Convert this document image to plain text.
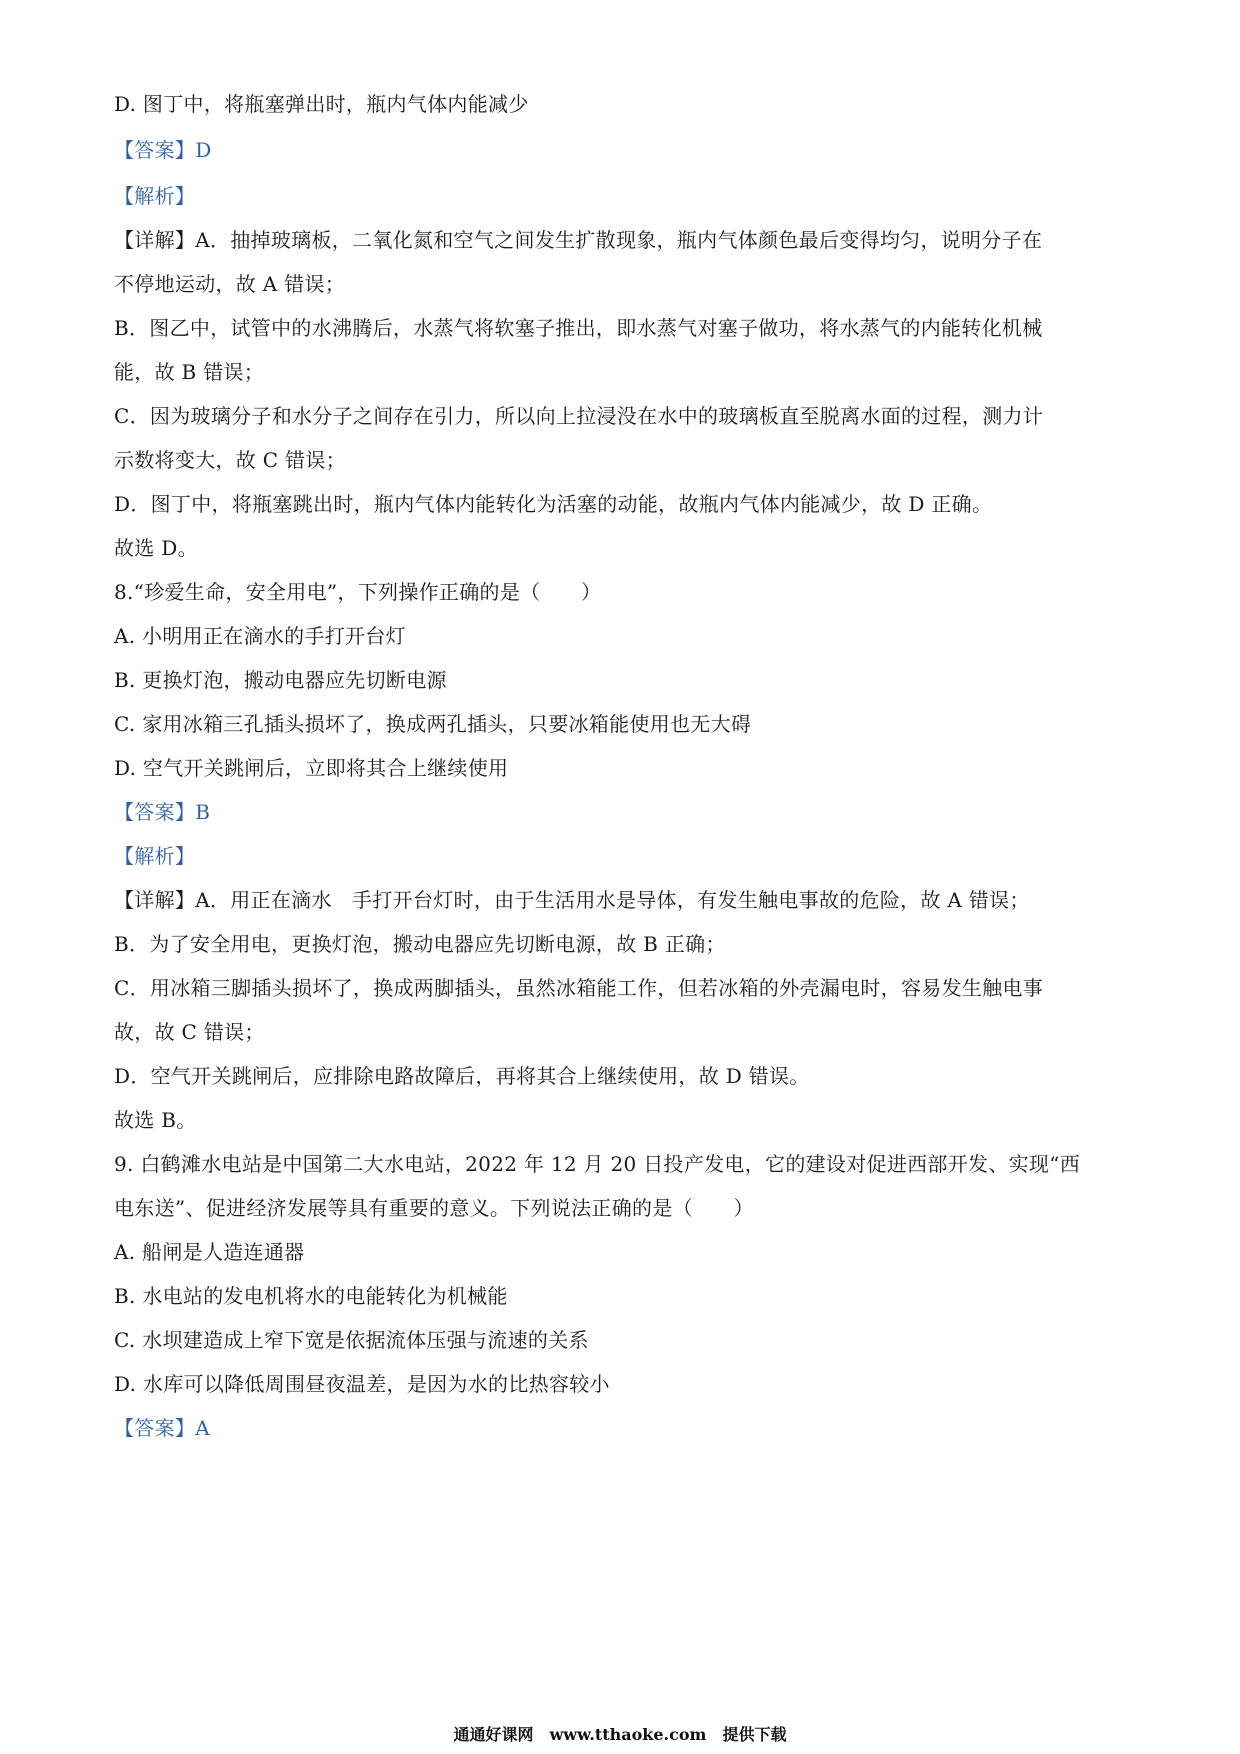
D. 图丁中，将瓶塞弹出时，瓶内气体内能减少
【答案】D
【解析】
【详解】A．抽掉玻璃板，二氧化氮和空气之间发生扩散现象，瓶内气体颜色最后变得均匀，说明分子在
不停地运动，故 A 错误；
B．图乙中，试管中的水沸腾后，水蒸气将软塞子推出，即水蒸气对塞子做功，将水蒸气的内能转化机械
能，故 B 错误；
C．因为玻璃分子和水分子之间存在引力，所以向上拉浸没在水中的玻璃板直至脱离水面的过程，测力计
示数将变大，故 C 错误；
D．图丁中，将瓶塞跳出时，瓶内气体内能转化为活塞的动能，故瓶内气体内能减少，故 D 正确。
故选 D。
8.“珍爱生命，安全用电”，下列操作正确的是（　　）
A. 小明用正在滴水的手打开台灯
B. 更换灯泡，搬动电器应先切断电源
C. 家用冰箱三孔插头损坏了，换成两孔插头，只要冰箱能使用也无大碍
D. 空气开关跳闸后，立即将其合上继续使用
【答案】B
【解析】
【详解】A．用正在滴水　手打开台灯时，由于生活用水是导体，有发生触电事故的危险，故 A 错误；
B．为了安全用电，更换灯泡，搬动电器应先切断电源，故 B 正确；
C．用冰箱三脚插头损坏了，换成两脚插头，虽然冰箱能工作，但若冰箱的外壳漏电时，容易发生触电事
故，故 C 错误；
D．空气开关跳闸后，应排除电路故障后，再将其合上继续使用，故 D 错误。
故选 B。
9. 白鹤滩水电站是中国第二大水电站，2022 年 12 月 20 日投产发电，它的建设对促进西部开发、实现“西
电东送”、促进经济发展等具有重要的意义。下列说法正确的是（　　）
A. 船闸是人造连通器
B. 水电站的发电机将水的电能转化为机械能
C. 水坝建造成上窄下宽是依据流体压强与流速的关系
D. 水库可以降低周围昼夜温差，是因为水的比热容较小
【答案】A
通通好课网　www.tthaoke.com　提供下载
